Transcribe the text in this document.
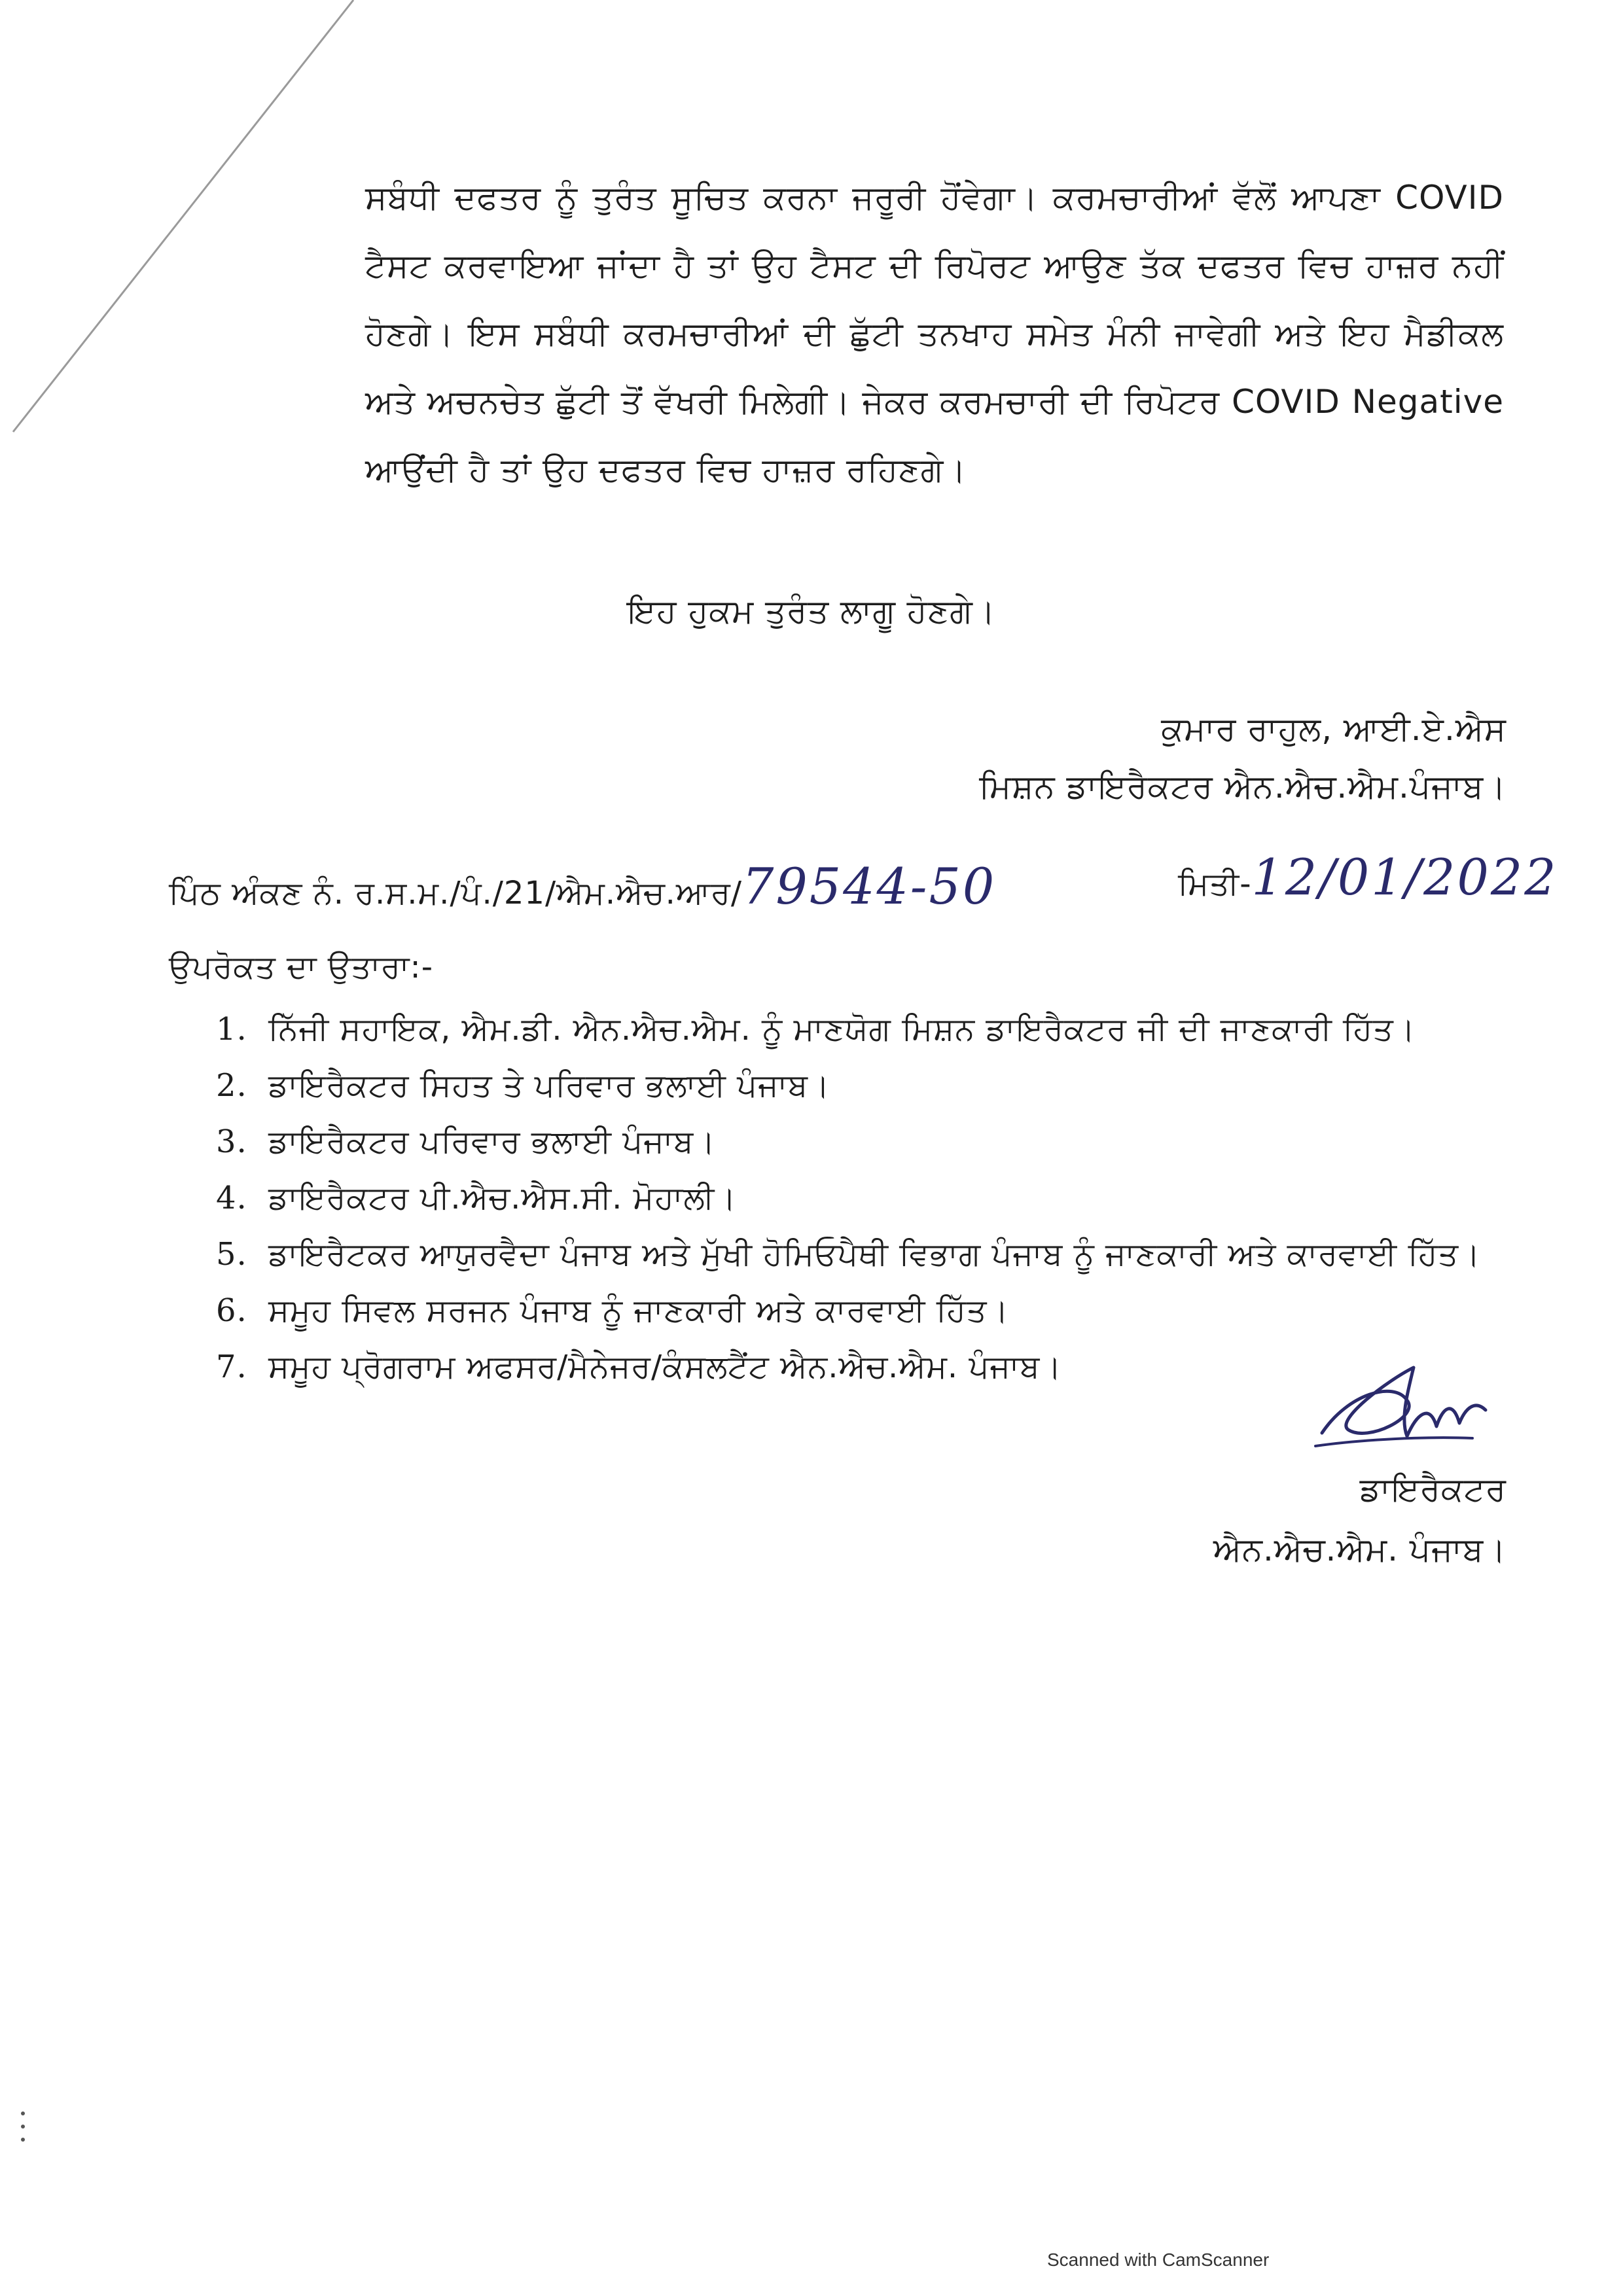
ਸਬੰਧੀ ਦਫਤਰ ਨੂੰ ਤੁਰੰਤ ਸੂਚਿਤ ਕਰਨਾ ਜਰੂਰੀ ਹੋਂਵੇਗਾ। ਕਰਮਚਾਰੀਆਂ ਵੱਲੋਂ ਆਪਣਾ COVID ਟੈਸਟ ਕਰਵਾਇਆ ਜਾਂਦਾ ਹੈ ਤਾਂ ਉਹ ਟੈਸਟ ਦੀ ਰਿਪੋਰਟ ਆਉਣ ਤੱਕ ਦਫਤਰ ਵਿਚ ਹਾਜ਼ਰ ਨਹੀਂ ਹੋਣਗੇ। ਇਸ ਸਬੰਧੀ ਕਰਮਚਾਰੀਆਂ ਦੀ ਛੁੱਟੀ ਤਨਖਾਹ ਸਮੇਤ ਮੰਨੀ ਜਾਵੇਗੀ ਅਤੇ ਇਹ ਮੈਡੀਕਲ ਅਤੇ ਅਚਨਚੇਤ ਛੁੱਟੀ ਤੋਂ ਵੱਖਰੀ ਮਿਲੇਗੀ। ਜੇਕਰ ਕਰਮਚਾਰੀ ਦੀ ਰਿਪੋਟਰ COVID Negative ਆਉਂਦੀ ਹੈ ਤਾਂ ਉਹ ਦਫਤਰ ਵਿਚ ਹਾਜ਼ਰ ਰਹਿਣਗੇ।

ਇਹ ਹੁਕਮ ਤੁਰੰਤ ਲਾਗੂ ਹੋਣਗੇ।
ਕੁਮਾਰ ਰਾਹੁਲ, ਆਈ.ਏ.ਐਸ
ਮਿਸ਼ਨ ਡਾਇਰੈਕਟਰ ਐਨ.ਐਚ.ਐਮ.ਪੰਜਾਬ।
ਪਿੰਠ ਅੰਕਣ ਨੰ. ਰ.ਸ.ਮ./ਪੰ./21/ਐਮ.ਐਚ.ਆਰ/79544-50	ਮਿਤੀ-12/01/2022
ਉਪਰੋਕਤ ਦਾ ਉਤਾਰਾ:-
1. ਨਿੱਜੀ ਸਹਾਇਕ, ਐਮ.ਡੀ. ਐਨ.ਐਚ.ਐਮ. ਨੂੰ ਮਾਣਯੋਗ ਮਿਸ਼ਨ ਡਾਇਰੈਕਟਰ ਜੀ ਦੀ ਜਾਣਕਾਰੀ ਹਿੱਤ।
2. ਡਾਇਰੈਕਟਰ ਸਿਹਤ ਤੇ ਪਰਿਵਾਰ ਭਲਾਈ ਪੰਜਾਬ।
3. ਡਾਇਰੈਕਟਰ ਪਰਿਵਾਰ ਭਲਾਈ ਪੰਜਾਬ।
4. ਡਾਇਰੈਕਟਰ ਪੀ.ਐਚ.ਐਸ.ਸੀ. ਮੋਹਾਲੀ।
5. ਡਾਇਰੈਟਕਰ ਆਯੁਰਵੈਦਾ ਪੰਜਾਬ ਅਤੇ ਮੁੱਖੀ ਹੋਮਿਓਪੈਥੀ ਵਿਭਾਗ ਪੰਜਾਬ ਨੂੰ ਜਾਣਕਾਰੀ ਅਤੇ ਕਾਰਵਾਈ ਹਿੱਤ।
6. ਸਮੂਹ ਸਿਵਲ ਸਰਜਨ ਪੰਜਾਬ ਨੂੰ ਜਾਣਕਾਰੀ ਅਤੇ ਕਾਰਵਾਈ ਹਿੱਤ।
7. ਸਮੂਹ ਪ੍ਰੋਗਰਾਮ ਅਫਸਰ/ਮੈਨੇਜਰ/ਕੰਸਲਟੈਂਟ ਐਨ.ਐਚ.ਐਮ. ਪੰਜਾਬ।
ਡਾਇਰੈਕਟਰ
ਐਨ.ਐਚ.ਐਮ. ਪੰਜਾਬ।
Scanned with CamScanner
